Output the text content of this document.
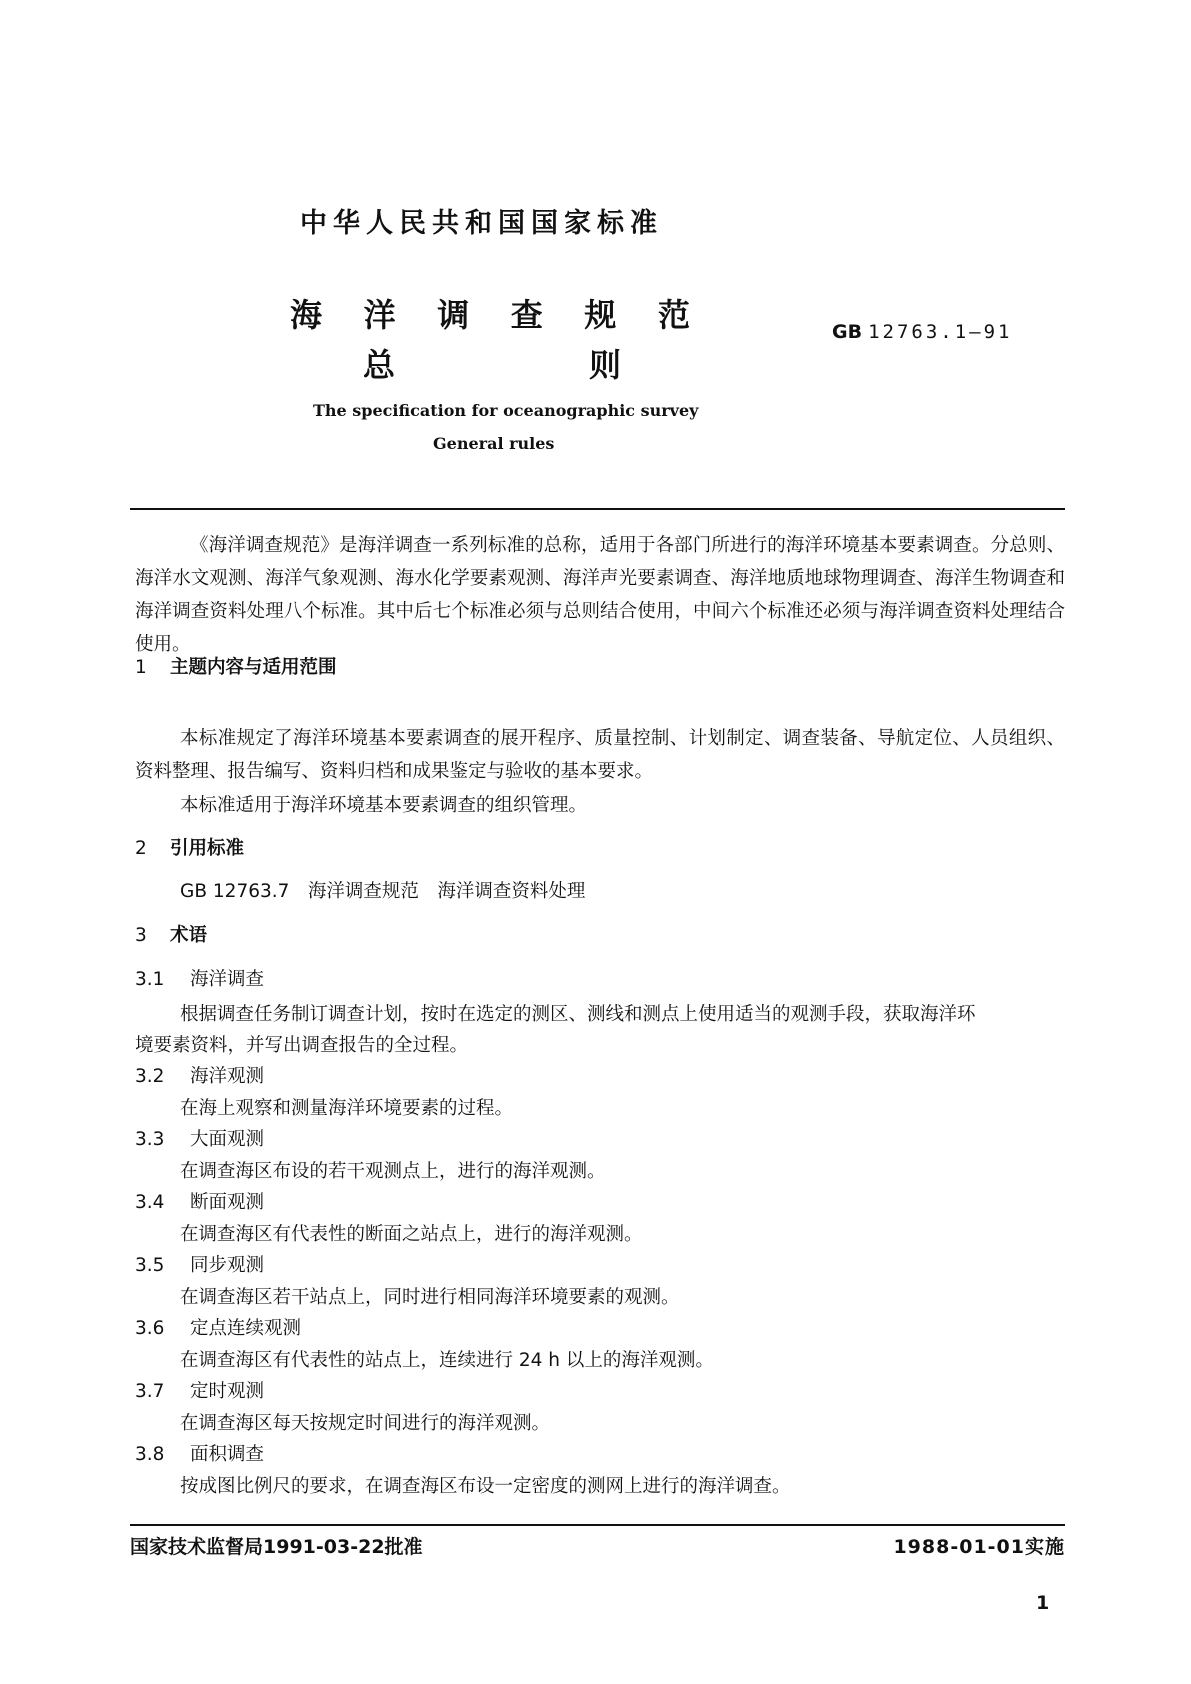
中华人民共和国国家标准

海 洋 调 查 规 范
总	则

GB 12763.1—91

The specification for oceanographic survey

General rules

《海洋调查规范》是海洋调查一系列标准的总称，适用于各部门所进行的海洋环境基本要素调查。分总则、海洋水文观测、海洋气象观测、海水化学要素观测、海洋声光要素调查、海洋地质地球物理调查、海洋生物调查和海洋调查资料处理八个标准。其中后七个标准必须与总则结合使用，中间六个标准还必须与海洋调查资料处理结合使用。

1 主题内容与适用范围

本标准规定了海洋环境基本要素调查的展开程序、质量控制、计划制定、调查装备、导航定位、人员组织、资料整理、报告编写、资料归档和成果鉴定与验收的基本要求。

本标准适用于海洋环境基本要素调查的组织管理。

2 引用标准

GB 12763.7　海洋调查规范　海洋调查资料处理

3 术语

3.1 海洋调查

根据调查任务制订调查计划，按时在选定的测区、测线和测点上使用适当的观测手段，获取海洋环

境要素资料，并写出调查报告的全过程。

3.2 海洋观测

在海上观察和测量海洋环境要素的过程。

3.3 大面观测

在调查海区布设的若干观测点上，进行的海洋观测。

3.4 断面观测

在调查海区有代表性的断面之站点上，进行的海洋观测。

3.5 同步观测

在调查海区若干站点上，同时进行相同海洋环境要素的观测。

3.6 定点连续观测

在调查海区有代表性的站点上，连续进行 24 h 以上的海洋观测。

3.7 定时观测

在调查海区每天按规定时间进行的海洋观测。

3.8 面积调查

按成图比例尺的要求，在调查海区布设一定密度的测网上进行的海洋调查。

国家技术监督局1991-03-22批准	1988-01-01实施

1
